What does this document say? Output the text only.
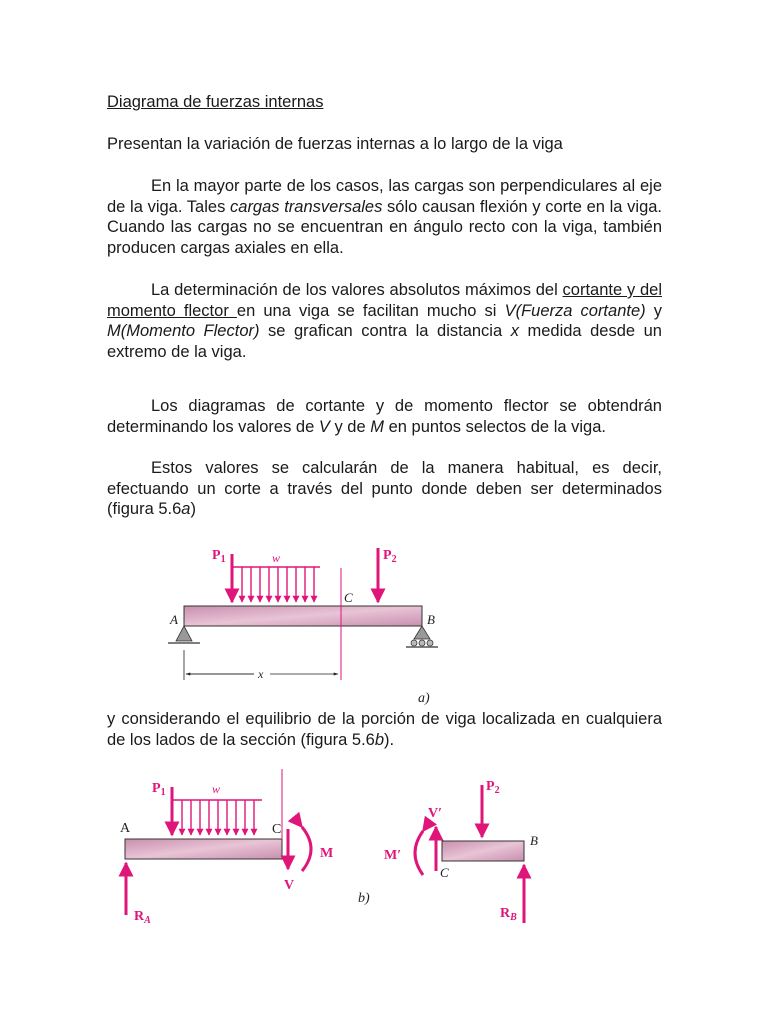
Diagrama de fuerzas internas

Presentan la variación de fuerzas internas a lo largo de la viga

En la mayor parte de los casos, las cargas son perpendiculares al eje de la viga. Tales cargas transversales sólo causan flexión y corte en la viga. Cuando las cargas no se encuentran en ángulo recto con la viga, también producen cargas axiales en ella.

La determinación de los valores absolutos máximos del cortante y del momento flector en una viga se facilitan mucho si V(Fuerza cortante) y M(Momento Flector) se grafican contra la distancia x medida desde un extremo de la viga.

Los diagramas de cortante y de momento flector se obtendrán determinando los valores de V y de M en puntos selectos de la viga.

Estos valores se calcularán de la manera habitual, es decir, efectuando un corte a través del punto donde deben ser determinados (figura 5.6a)

$P_1$	w	$P_2$
C
A	B
x
a)

y considerando el equilibrio de la porción de viga localizada en cualquiera de los lados de la sección (figura 5.6b).

$P_1$	w
A	C
M
V
$R_A$
b)
V′
$P_2$
B
M′
C
$R_B$
